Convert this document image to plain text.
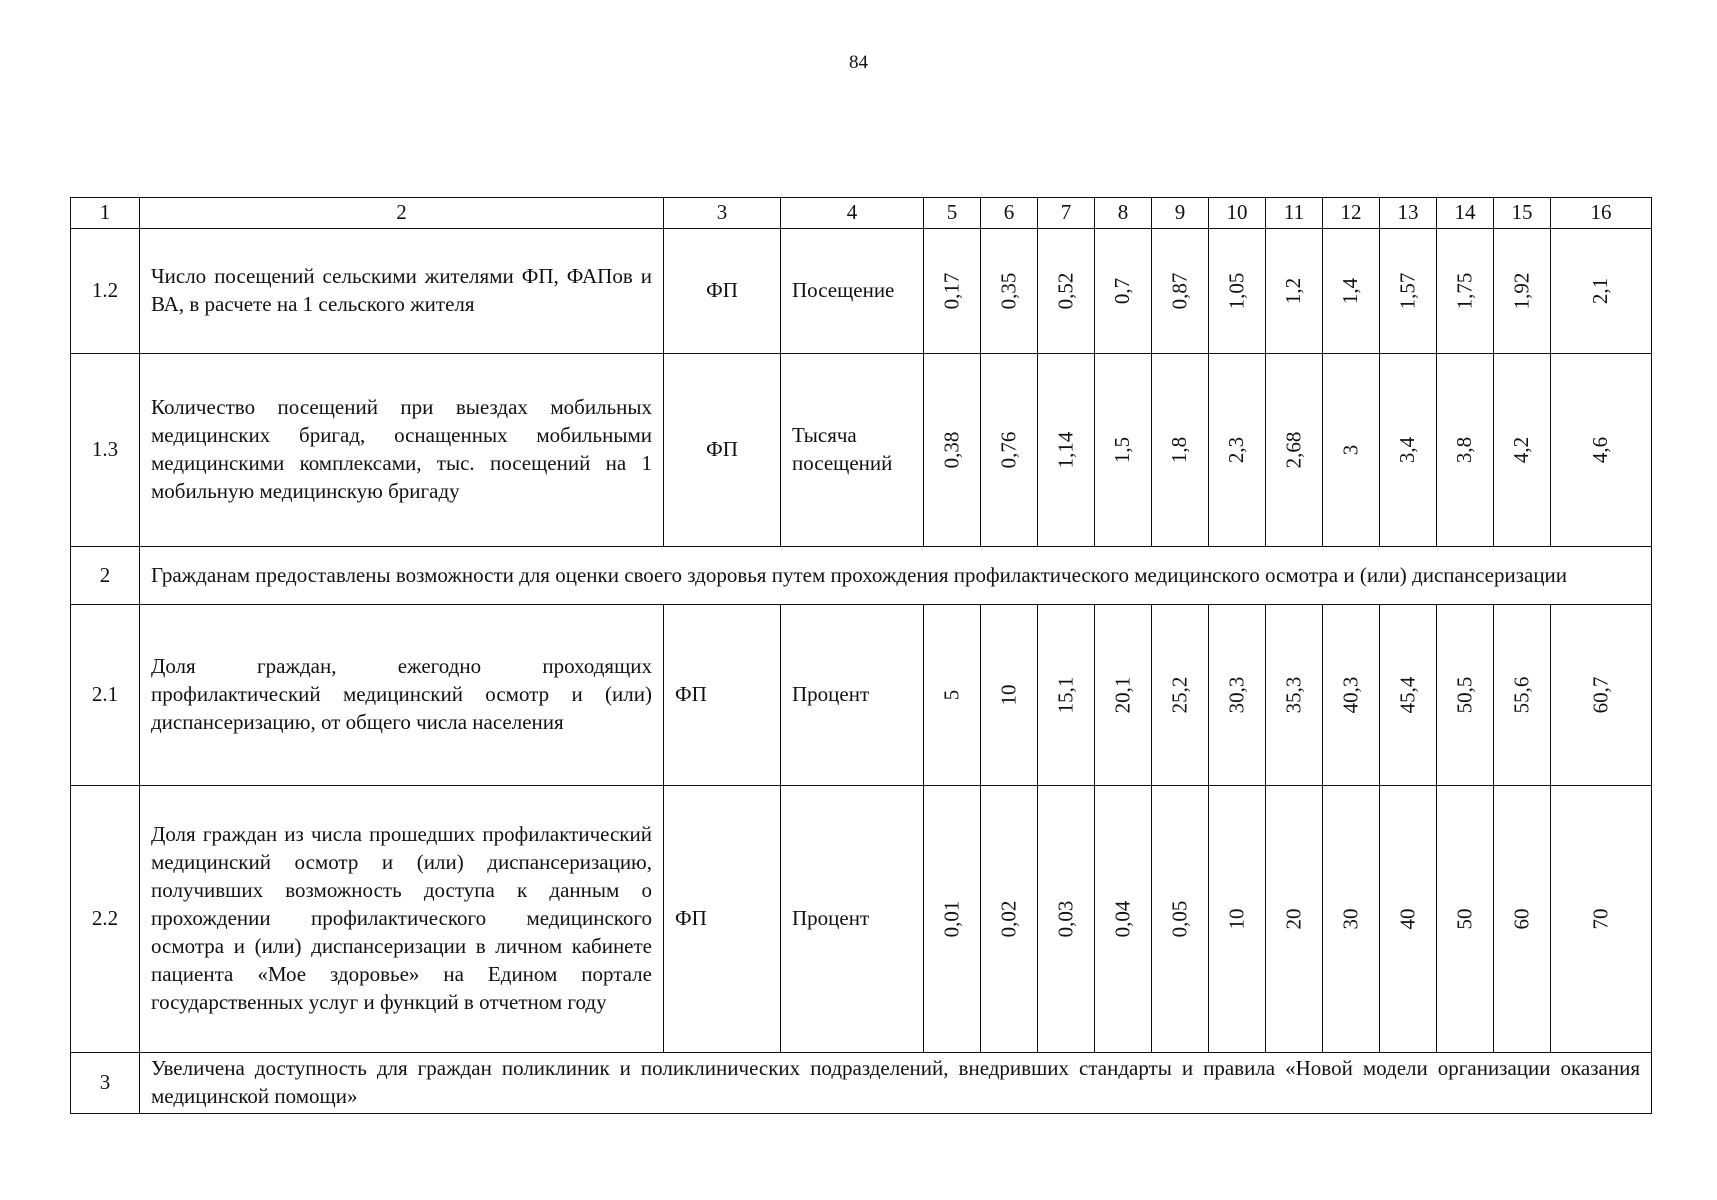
84
1	2	3	4	5	6	7	8	9	10	11	12	13	14	15	16
1.2	Число посещений сельскими жителями ФП, ФАПов и ВА, в расчете на 1 сельского жителя	ФП	Посещение	0,17	0,35	0,52	0,7	0,87	1,05	1,2	1,4	1,57	1,75	1,92	2,1
1.3	Количество посещений при выездах мобильных медицинских бригад, оснащенных мобильными медицинскими комплексами, тыс. посещений на 1 мобильную медицинскую бригаду	ФП	Тысяча посещений	0,38	0,76	1,14	1,5	1,8	2,3	2,68	3	3,4	3,8	4,2	4,6
2	Гражданам предоставлены возможности для оценки своего здоровья путем прохождения профилактического медицинского осмотра и (или) диспансеризации														
2.1	Доля граждан, ежегодно проходящих профилактический медицинский осмотр и (или) диспансеризацию, от общего числа населения	ФП	Процент	5	10	15,1	20,1	25,2	30,3	35,3	40,3	45,4	50,5	55,6	60,7
2.2	Доля граждан из числа прошедших профилактический медицинский осмотр и (или) диспансеризацию, получивших возможность доступа к данным о прохождении профилактического медицинского осмотра и (или) диспансеризации в личном кабинете пациента «Мое здоровье» на Едином портале государственных услуг и функций в отчетном году	ФП	Процент	0,01	0,02	0,03	0,04	0,05	10	20	30	40	50	60	70
3	Увеличена доступность для граждан поликлиник и поликлинических подразделений, внедривших стандарты и правила «Новой модели организации оказания медицинской помощи»														
